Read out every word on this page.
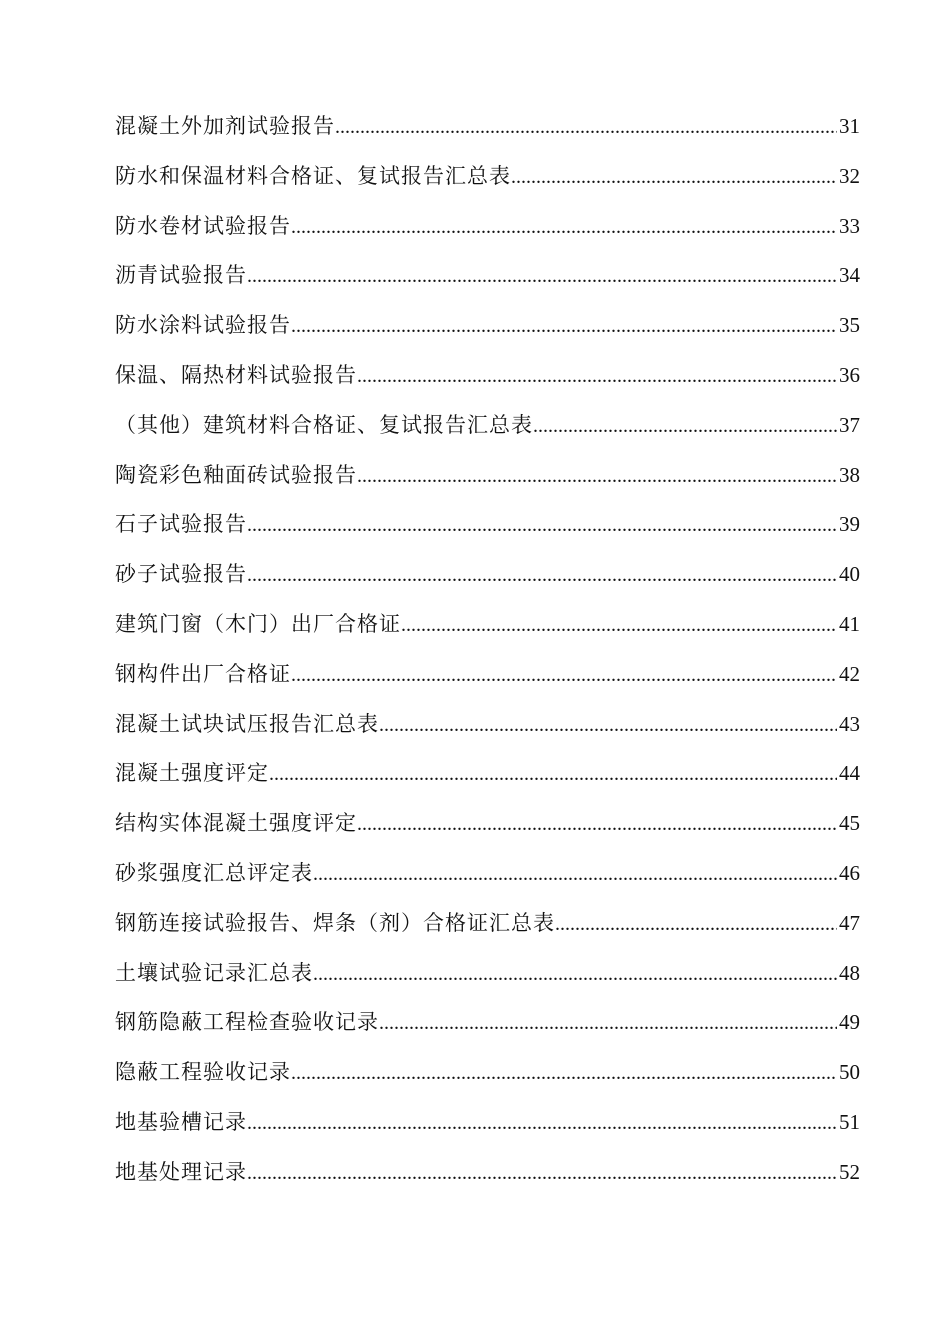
混凝土外加剂试验报告 .....	31
防水和保温材料合格证、复试报告汇总表 .....	32
防水卷材试验报告 .....	33
沥青试验报告 .....	34
防水涂料试验报告 .....	35
保温、隔热材料试验报告 .....	36
（其他）建筑材料合格证、复试报告汇总表 .....	37
陶瓷彩色釉面砖试验报告 .....	38
石子试验报告 .....	39
砂子试验报告 .....	40
建筑门窗（木门）出厂合格证 .....	41
钢构件出厂合格证 .....	42
混凝土试块试压报告汇总表 .....	43
混凝土强度评定 .....	44
结构实体混凝土强度评定 .....	45
砂浆强度汇总评定表 .....	46
钢筋连接试验报告、焊条（剂）合格证汇总表 .....	47
土壤试验记录汇总表 .....	48
钢筋隐蔽工程检查验收记录 .....	49
隐蔽工程验收记录 .....	50
地基验槽记录 .....	51
地基处理记录 .....	52
